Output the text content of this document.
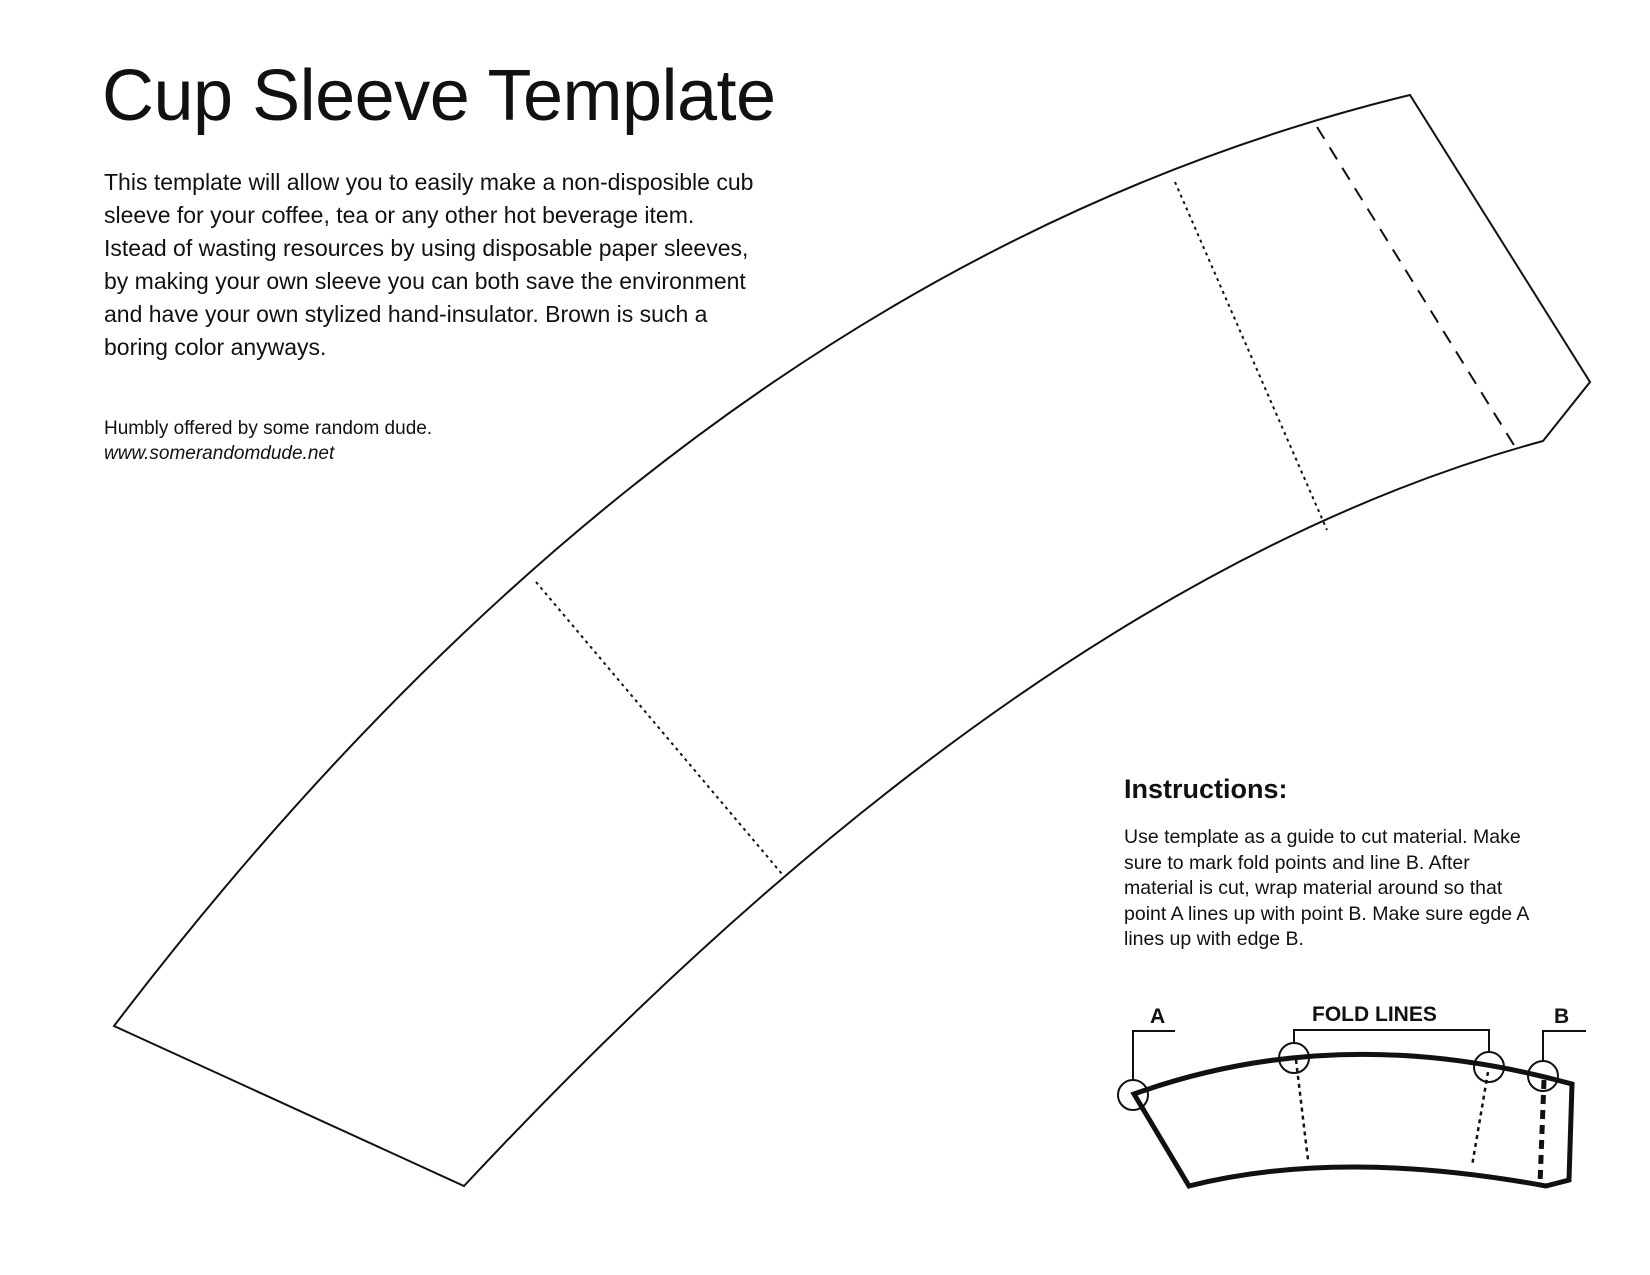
Cup Sleeve Template
This template will allow you to easily make a non-disposible cub
sleeve for your coffee, tea or any other hot beverage item.
Istead of wasting resources by using disposable paper sleeves,
by making your own sleeve you can both save the environment
and have your own stylized hand-insulator. Brown is such a
boring color anyways.
Humbly offered by some random dude.
www.somerandomdude.net
A	FOLD LINES	B
Instructions:
Use template as a guide to cut material. Make
sure to mark fold points and line B. After
material is cut, wrap material around so that
point A lines up with point B. Make sure egde A
lines up with edge B.
